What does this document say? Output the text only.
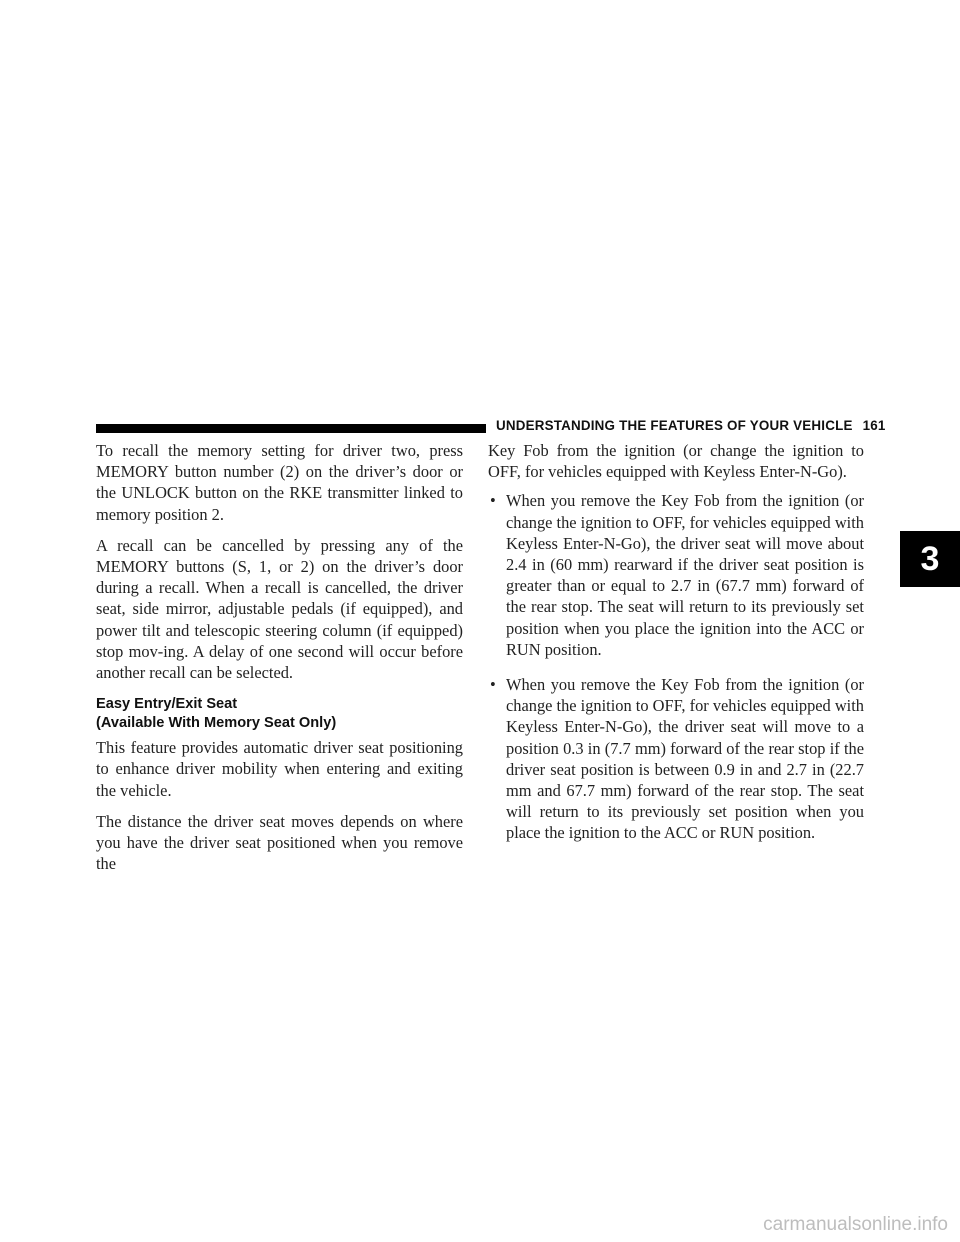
UNDERSTANDING THE FEATURES OF YOUR VEHICLE 161

To recall the memory setting for driver two, press MEMORY button number (2) on the driver’s door or the UNLOCK button on the RKE transmitter linked to memory position 2.

A recall can be cancelled by pressing any of the MEMORY buttons (S, 1, or 2) on the driver’s door during a recall. When a recall is cancelled, the driver seat, side mirror, adjustable pedals (if equipped), and power tilt and telescopic steering column (if equipped) stop mov-ing. A delay of one second will occur before another recall can be selected.

Easy Entry/Exit Seat
(Available With Memory Seat Only)

This feature provides automatic driver seat positioning to enhance driver mobility when entering and exiting the vehicle.

The distance the driver seat moves depends on where you have the driver seat positioned when you remove the

Key Fob from the ignition (or change the ignition to OFF, for vehicles equipped with Keyless Enter-N-Go).

• When you remove the Key Fob from the ignition (or change the ignition to OFF, for vehicles equipped with Keyless Enter-N-Go), the driver seat will move about 2.4 in (60 mm) rearward if the driver seat position is greater than or equal to 2.7 in (67.7 mm) forward of the rear stop. The seat will return to its previously set position when you place the ignition into the ACC or RUN position.
• When you remove the Key Fob from the ignition (or change the ignition to OFF, for vehicles equipped with Keyless Enter-N-Go), the driver seat will move to a position 0.3 in (7.7 mm) forward of the rear stop if the driver seat position is between 0.9 in and 2.7 in (22.7 mm and 67.7 mm) forward of the rear stop. The seat will return to its previously set position when you place the ignition to the ACC or RUN position.
3
carmanualsonline.info
